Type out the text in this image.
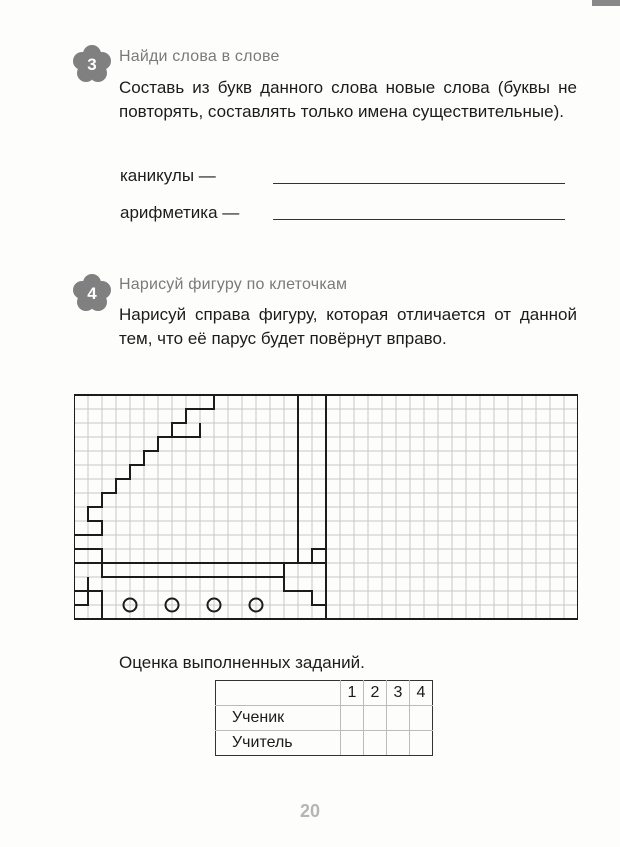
3 Найди слова в слове
Составь из букв данного слова новые слова (буквы не повторять, составлять только имена существительные).
каникулы —
арифметика —
4 Нарисуй фигуру по клеточкам
Нарисуй справа фигуру, которая отличается от данной тем, что её парус будет повёрнут вправо.
Оценка выполненных заданий.
	1	2	3	4
Ученик				
Учитель				
20
